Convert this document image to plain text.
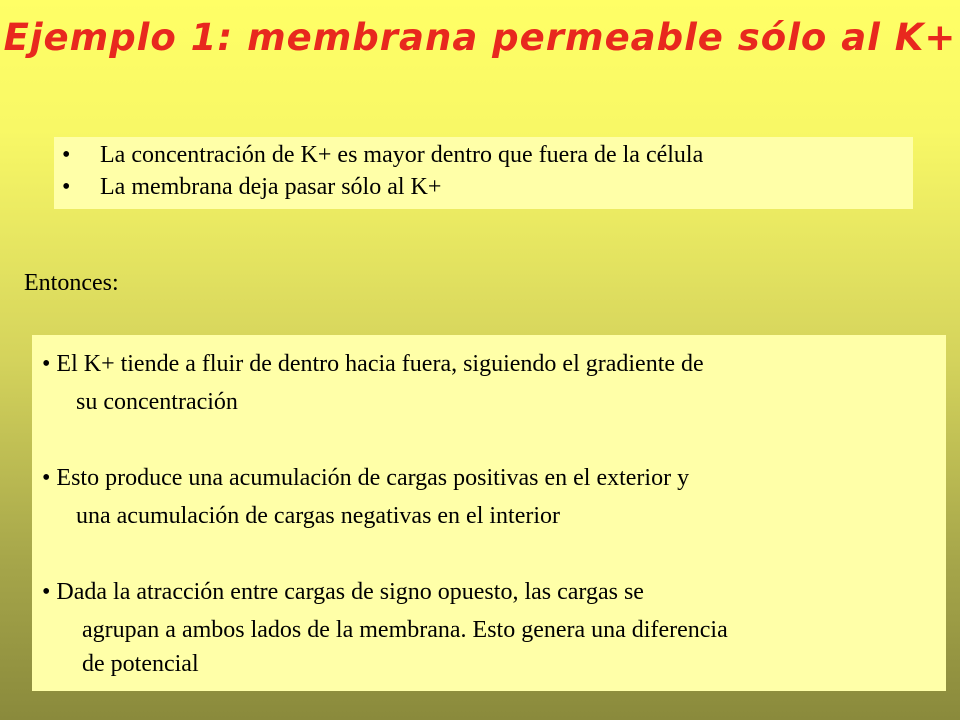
Ejemplo 1: membrana permeable sólo al K+
• La concentración de K+ es mayor dentro que fuera de la célula
• La membrana deja pasar sólo al K+
Entonces:
• El K+ tiende a fluir de dentro hacia fuera, siguiendo el gradiente de
su concentración
• Esto produce una acumulación de cargas positivas en el exterior y
una acumulación de cargas negativas en el interior
• Dada la atracción entre cargas de signo opuesto, las cargas se
agrupan a ambos lados de la membrana. Esto genera una diferencia
de potencial
